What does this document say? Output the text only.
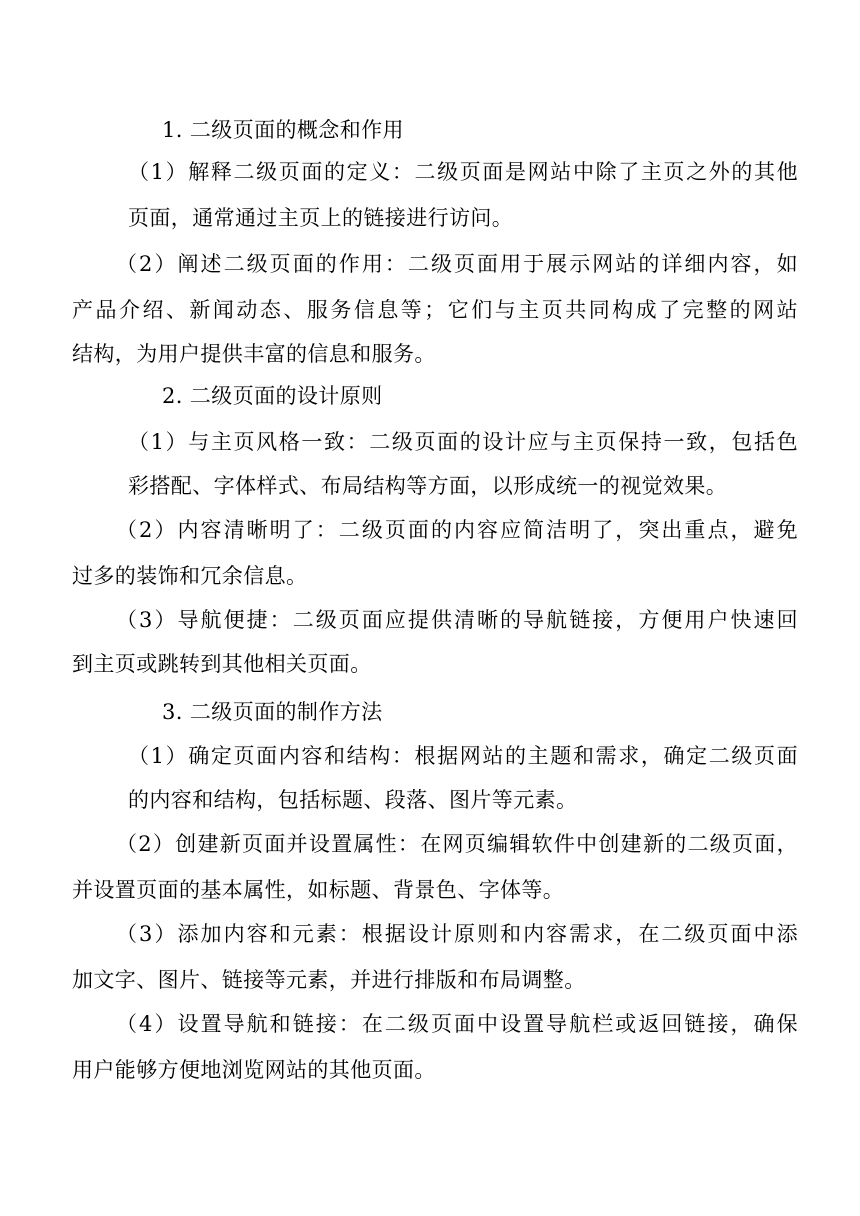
1. 二级页面的概念和作用
（1）解释二级页面的定义：二级页面是网站中除了主页之外的其他
页面，通常通过主页上的链接进行访问。
（2）阐述二级页面的作用：二级页面用于展示网站的详细内容，如
产品介绍、新闻动态、服务信息等；它们与主页共同构成了完整的网站
结构，为用户提供丰富的信息和服务。
2. 二级页面的设计原则
（1）与主页风格一致：二级页面的设计应与主页保持一致，包括色
彩搭配、字体样式、布局结构等方面，以形成统一的视觉效果。
（2）内容清晰明了：二级页面的内容应简洁明了，突出重点，避免
过多的装饰和冗余信息。
（3）导航便捷：二级页面应提供清晰的导航链接，方便用户快速回
到主页或跳转到其他相关页面。
3. 二级页面的制作方法
（1）确定页面内容和结构：根据网站的主题和需求，确定二级页面
的内容和结构，包括标题、段落、图片等元素。
（2）创建新页面并设置属性：在网页编辑软件中创建新的二级页面，
并设置页面的基本属性，如标题、背景色、字体等。
（3）添加内容和元素：根据设计原则和内容需求，在二级页面中添
加文字、图片、链接等元素，并进行排版和布局调整。
（4）设置导航和链接：在二级页面中设置导航栏或返回链接，确保
用户能够方便地浏览网站的其他页面。
